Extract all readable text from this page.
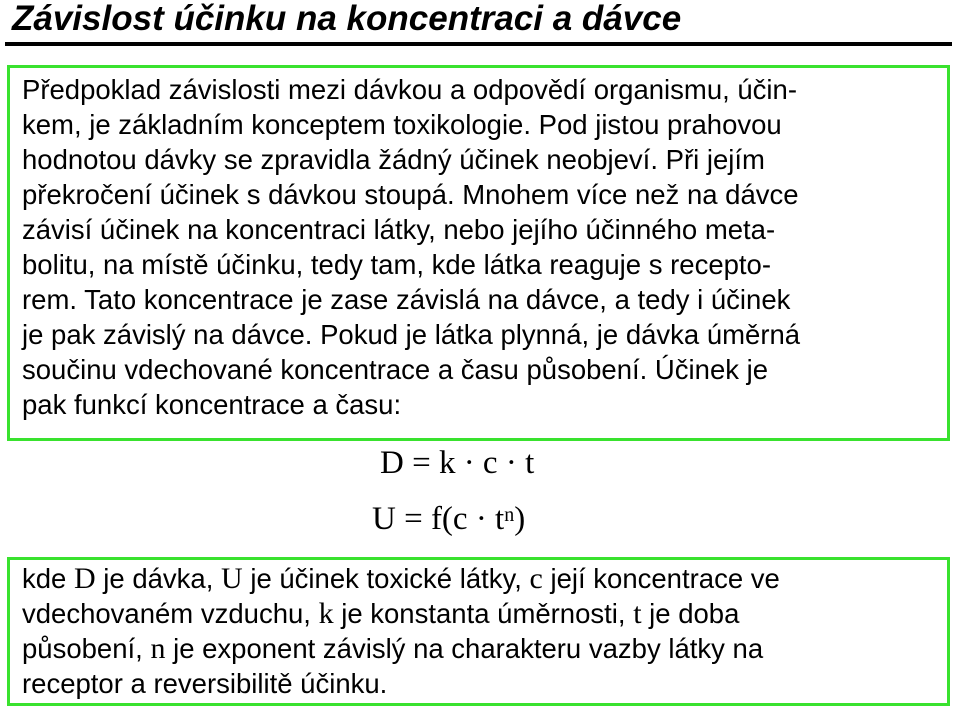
Závislost účinku na koncentraci a dávce

Předpoklad závislosti mezi dávkou a odpovědí organismu, účin-
kem, je základním konceptem toxikologie. Pod jistou prahovou
hodnotou dávky se zpravidla žádný účinek neobjeví. Při jejím
překročení účinek s dávkou stoupá. Mnohem více než na dávce
závisí účinek na koncentraci látky, nebo jejího účinného meta-
bolitu, na místě účinku, tedy tam, kde látka reaguje s recepto-
rem. Tato koncentrace je zase závislá na dávce, a tedy i účinek
je pak závislý na dávce. Pokud je látka plynná, je dávka úměrná
součinu vdechované koncentrace a času působení. Účinek je
pak funkcí koncentrace a času:

D = k · c · t
$U = f(c \cdot t^n)$

kde D je dávka, U je účinek toxické látky, c její koncentrace ve
vdechovaném vzduchu, k je konstanta úměrnosti, t je doba
působení, n je exponent závislý na charakteru vazby látky na
receptor a reversibilitě účinku.
